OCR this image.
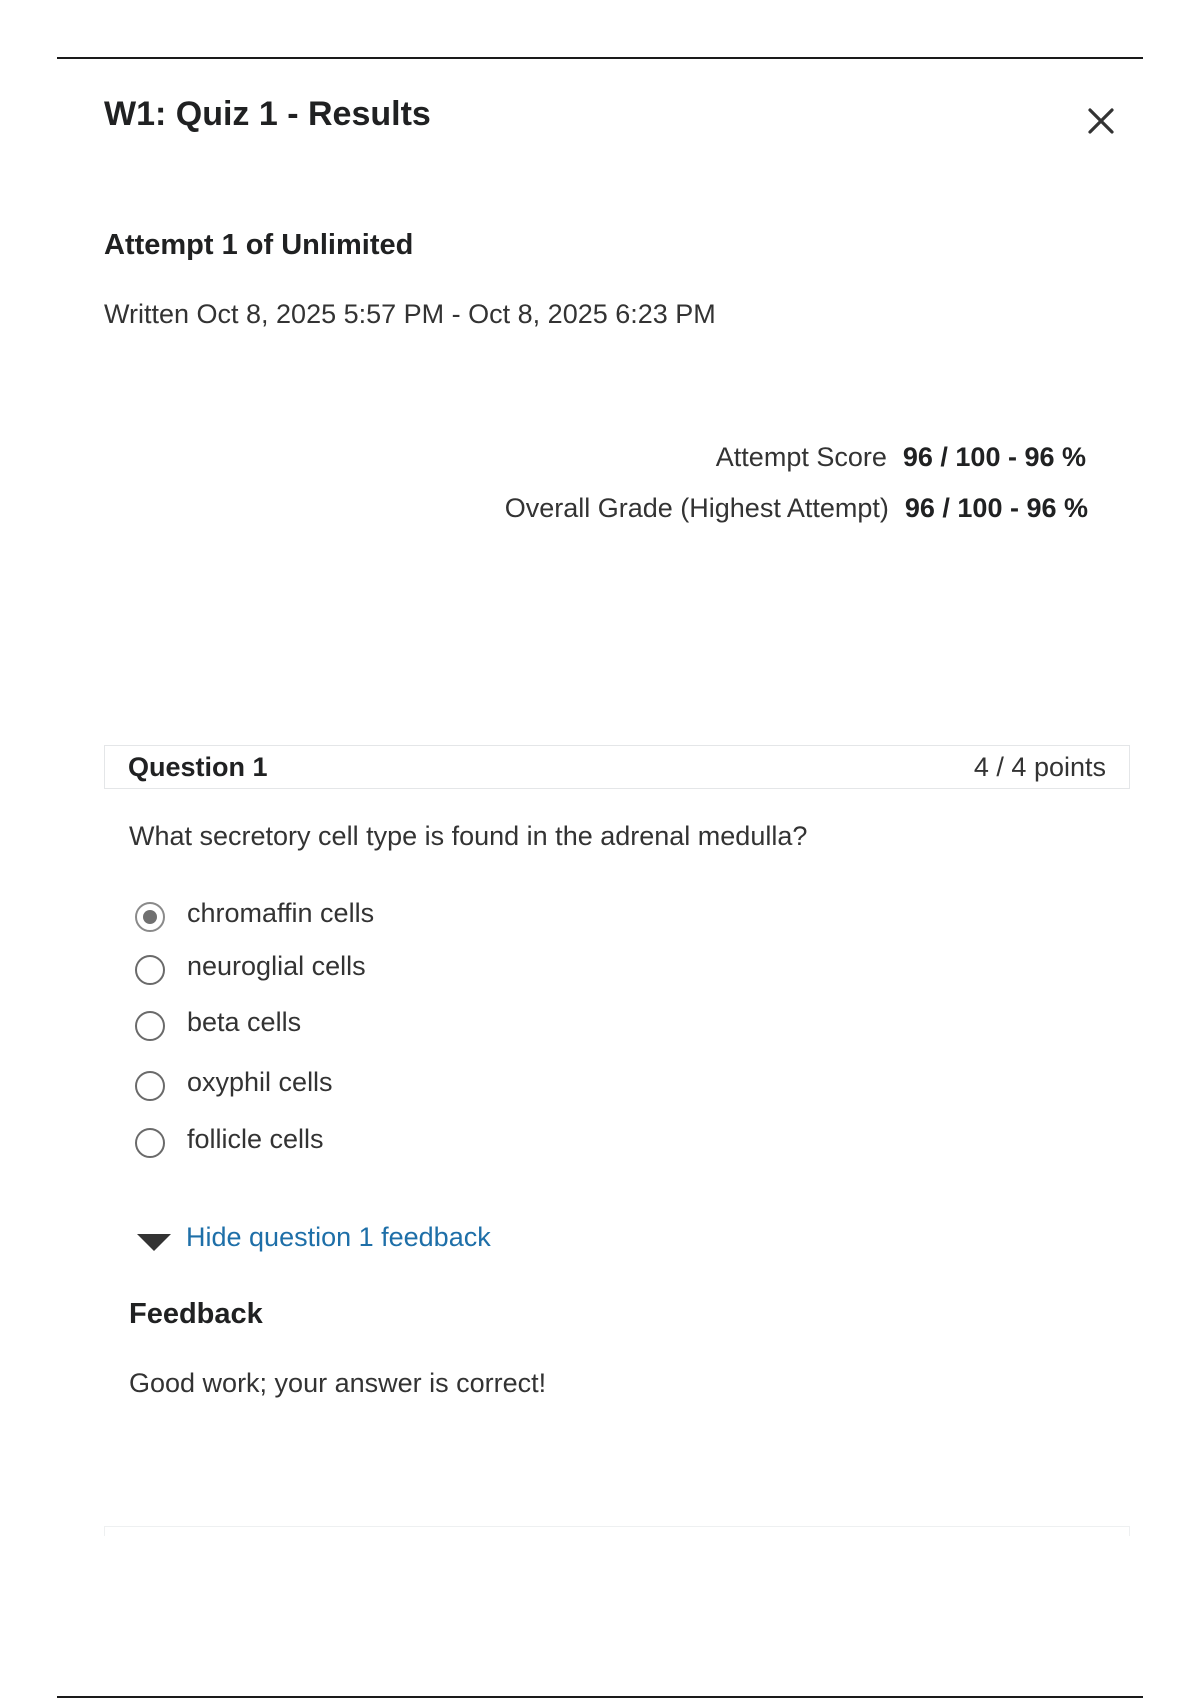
W1: Quiz 1 - Results
Attempt 1 of Unlimited
Written Oct 8, 2025 5:57 PM - Oct 8, 2025 6:23 PM
Attempt Score 96 / 100 - 96 %
Overall Grade (Highest Attempt) 96 / 100 - 96 %
Question 1	4 / 4 points
What secretory cell type is found in the adrenal medulla?
chromaffin cells
neuroglial cells
beta cells
oxyphil cells
follicle cells
Hide question 1 feedback
Feedback
Good work; your answer is correct!
